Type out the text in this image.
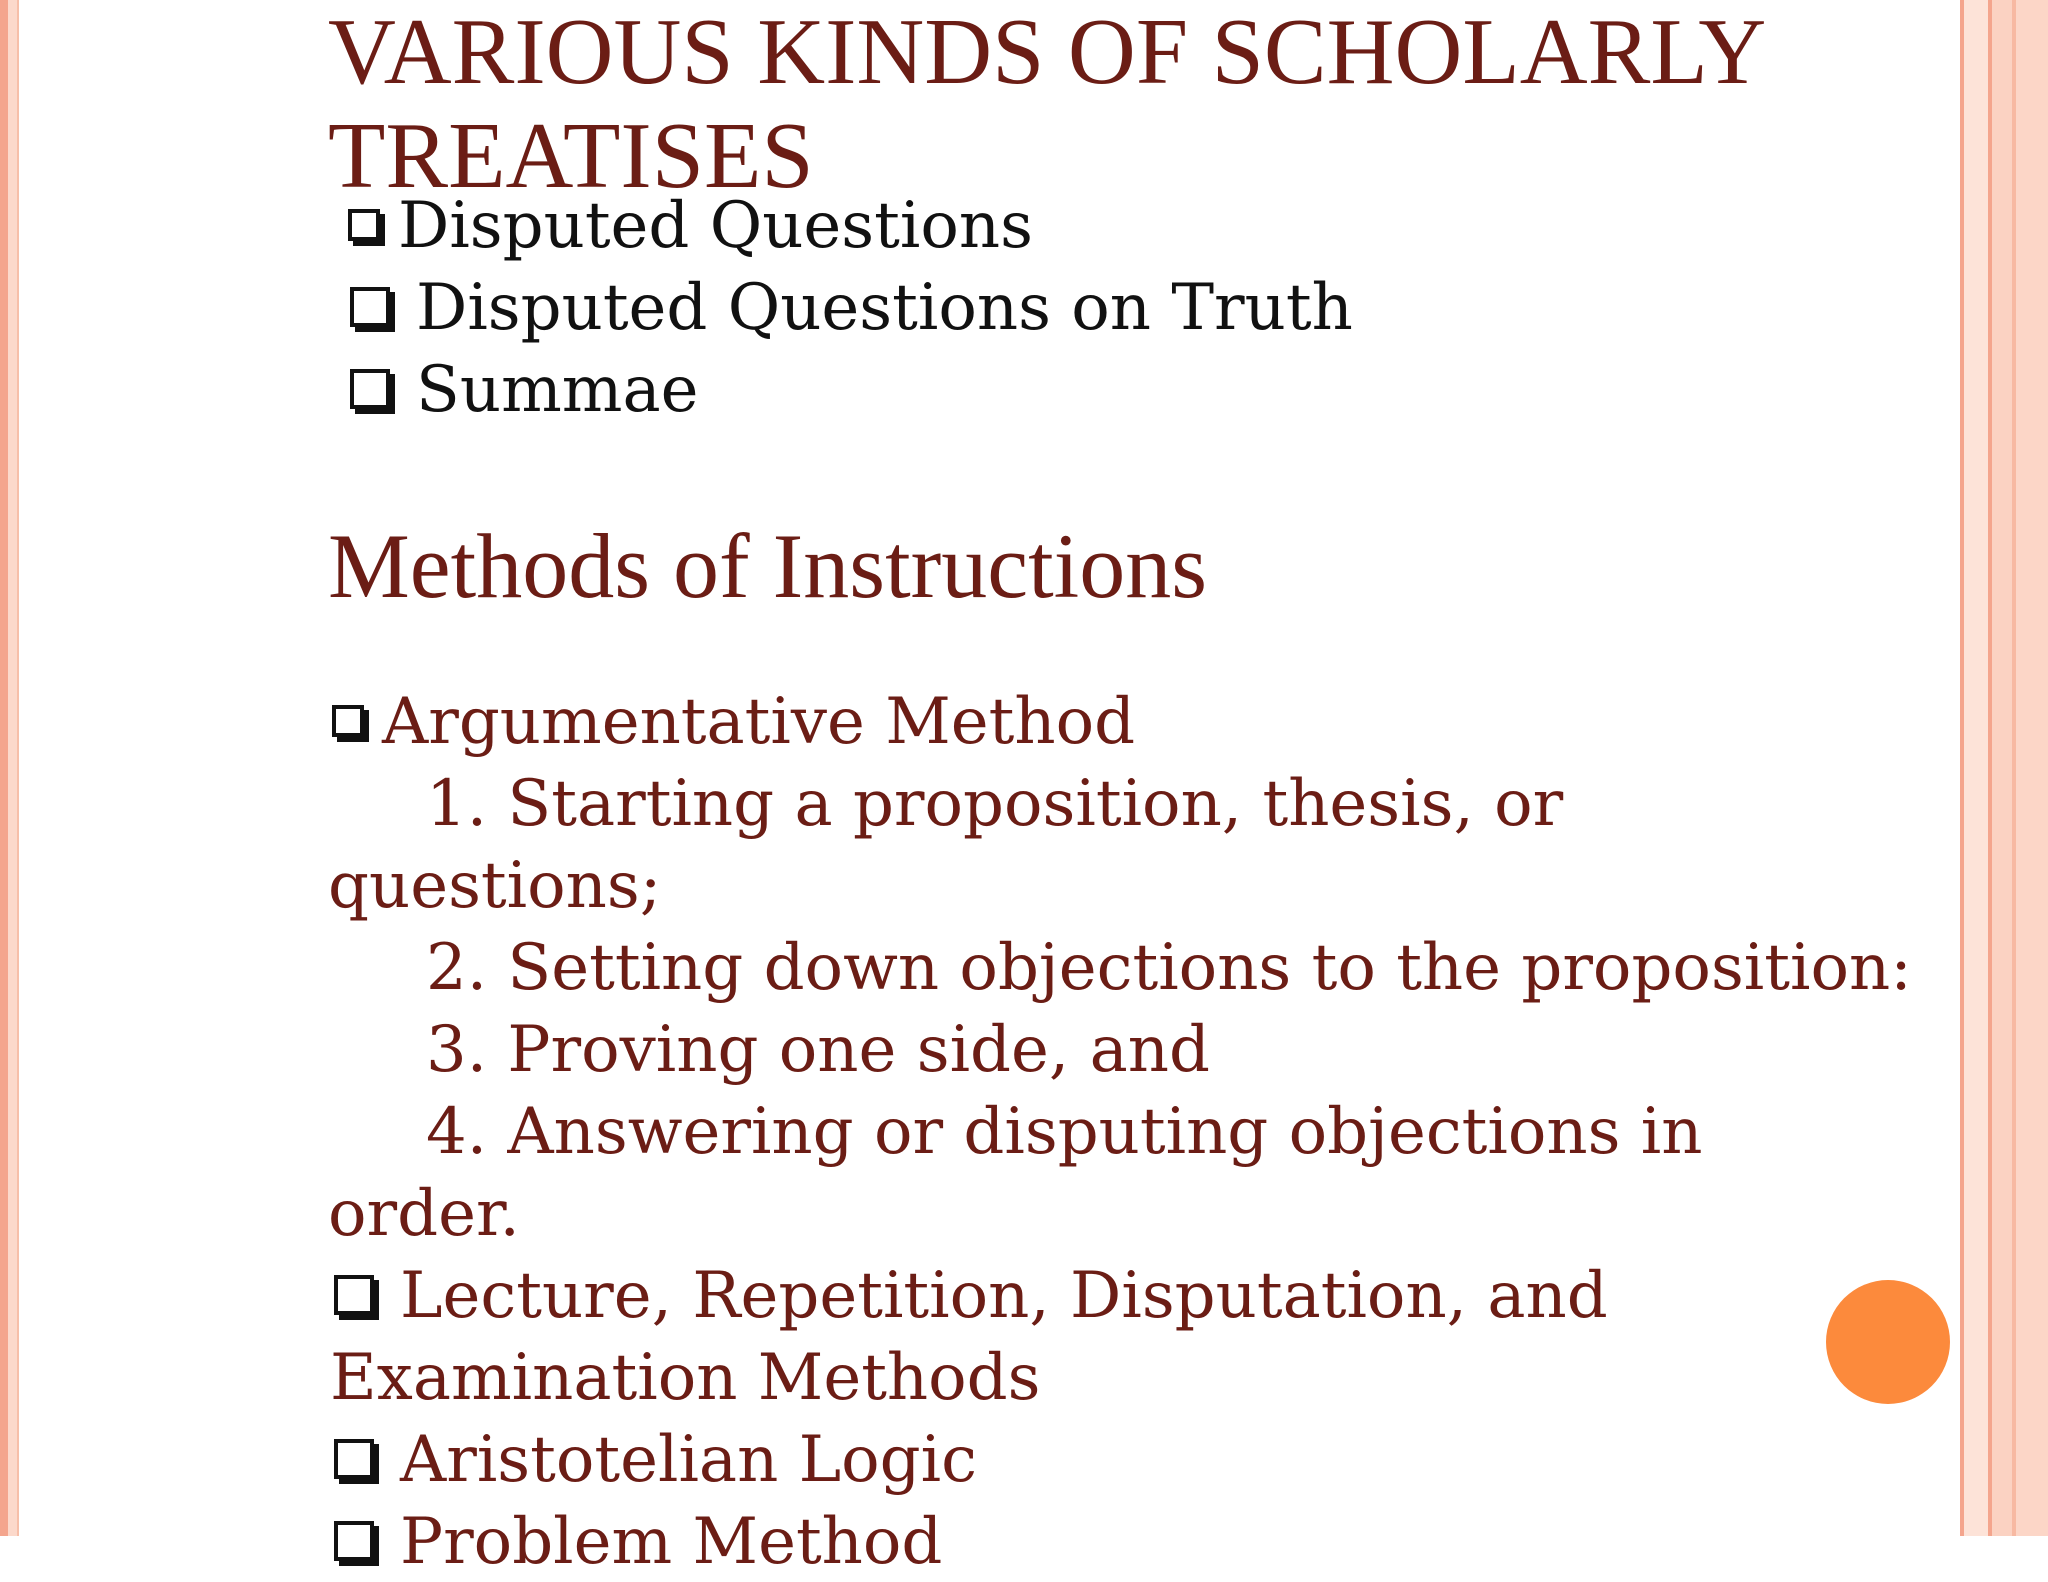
VARIOUS KINDS OF SCHOLARLY TREATISES
Disputed Questions
Disputed Questions on Truth
Summae
Methods of Instructions
Argumentative Method
1. Starting a proposition, thesis, or
questions;
2. Setting down objections to the proposition:
3. Proving one side, and
4. Answering or disputing objections in
order.
Lecture, Repetition, Disputation, and
Examination Methods
Aristotelian Logic
Problem Method
